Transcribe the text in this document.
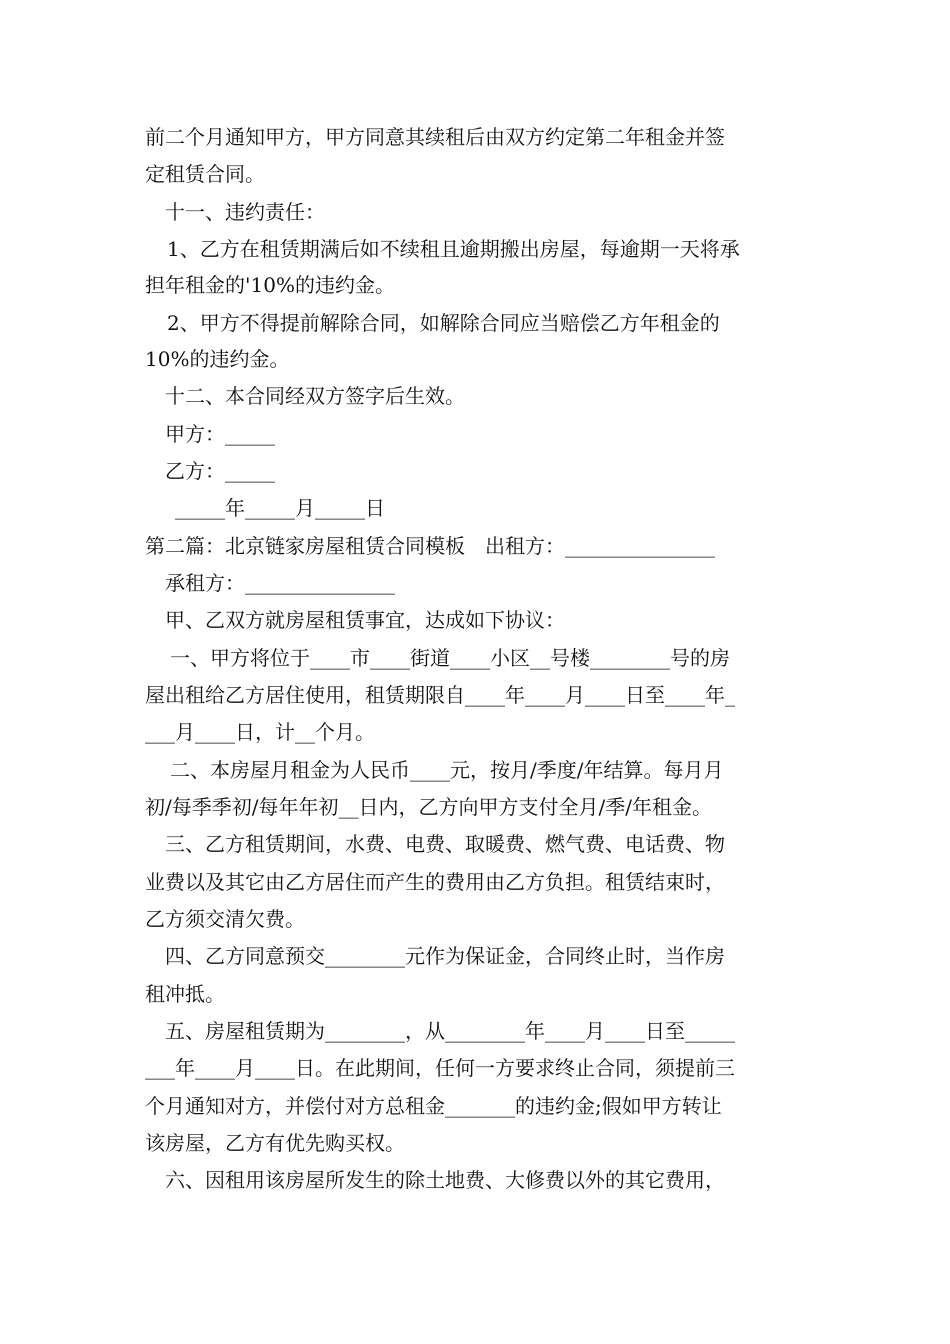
前二个月通知甲方，甲方同意其续租后由双方约定第二年租金并签

定租赁合同。

十一、违约责任：

1、乙方在租赁期满后如不续租且逾期搬出房屋，每逾期一天将承

担年租金的'10%的违约金。

2、甲方不得提前解除合同，如解除合同应当赔偿乙方年租金的

10%的违约金。

十二、本合同经双方签字后生效。

甲方：_____

乙方：_____

_____年_____月_____日

第二篇：北京链家房屋租赁合同模板　出租方：_______________

承租方：_______________

甲、乙双方就房屋租赁事宜，达成如下协议：

一、甲方将位于____市____街道____小区__号楼________号的房

屋出租给乙方居住使用，租赁期限自____年____月____日至____年_

___月____日，计__个月。

二、本房屋月租金为人民币____元，按月/季度/年结算。每月月

初/每季季初/每年年初__日内，乙方向甲方支付全月/季/年租金。

三、乙方租赁期间，水费、电费、取暖费、燃气费、电话费、物

业费以及其它由乙方居住而产生的费用由乙方负担。租赁结束时，

乙方须交清欠费。

四、乙方同意预交________元作为保证金，合同终止时，当作房

租冲抵。

五、房屋租赁期为________，从________年____月____日至_____

___年____月____日。在此期间，任何一方要求终止合同，须提前三

个月通知对方，并偿付对方总租金_______的违约金;假如甲方转让

该房屋，乙方有优先购买权。

六、因租用该房屋所发生的除土地费、大修费以外的其它费用，
